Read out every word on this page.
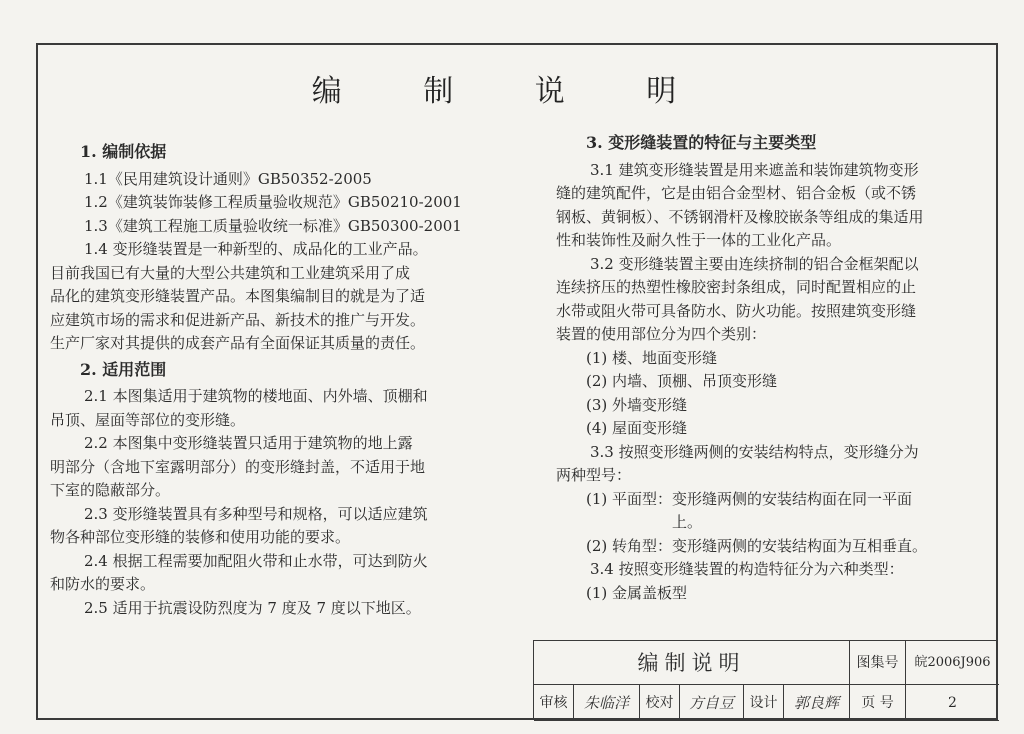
编 制 说 明
1. 编制依据
1.1《民用建筑设计通则》GB50352-2005
1.2《建筑装饰装修工程质量验收规范》GB50210-2001
1.3《建筑工程施工质量验收统一标准》GB50300-2001
1.4 变形缝装置是一种新型的、成品化的工业产品。
目前我国已有大量的大型公共建筑和工业建筑采用了成
品化的建筑变形缝装置产品。本图集编制目的就是为了适
应建筑市场的需求和促进新产品、新技术的推广与开发。
生产厂家对其提供的成套产品有全面保证其质量的责任。
2. 适用范围
2.1 本图集适用于建筑物的楼地面、内外墙、顶棚和
吊顶、屋面等部位的变形缝。
2.2 本图集中变形缝装置只适用于建筑物的地上露
明部分（含地下室露明部分）的变形缝封盖，不适用于地
下室的隐蔽部分。
2.3 变形缝装置具有多种型号和规格，可以适应建筑
物各种部位变形缝的装修和使用功能的要求。
2.4 根据工程需要加配阻火带和止水带，可达到防火
和防水的要求。
2.5 适用于抗震设防烈度为 7 度及 7 度以下地区。
3. 变形缝装置的特征与主要类型
3.1 建筑变形缝装置是用来遮盖和装饰建筑物变形
缝的建筑配件，它是由铝合金型材、铝合金板（或不锈
钢板、黄铜板）、不锈钢滑杆及橡胶嵌条等组成的集适用
性和装饰性及耐久性于一体的工业化产品。
3.2 变形缝装置主要由连续挤制的铝合金框架配以
连续挤压的热塑性橡胶密封条组成，同时配置相应的止
水带或阻火带可具备防水、防火功能。按照建筑变形缝
装置的使用部位分为四个类别：
(1) 楼、地面变形缝
(2) 内墙、顶棚、吊顶变形缝
(3) 外墙变形缝
(4) 屋面变形缝
3.3 按照变形缝两侧的安装结构特点，变形缝分为
两种型号：
(1) 平面型：变形缝两侧的安装结构面在同一平面
上。
(2) 转角型：变形缝两侧的安装结构面为互相垂直。
3.4 按照变形缝装置的构造特征分为六种类型：
(1) 金属盖板型
编制说明	图集号	皖2006J906
审核	朱临洋	校对	方自豆	设计	郭良辉	页 号	2
